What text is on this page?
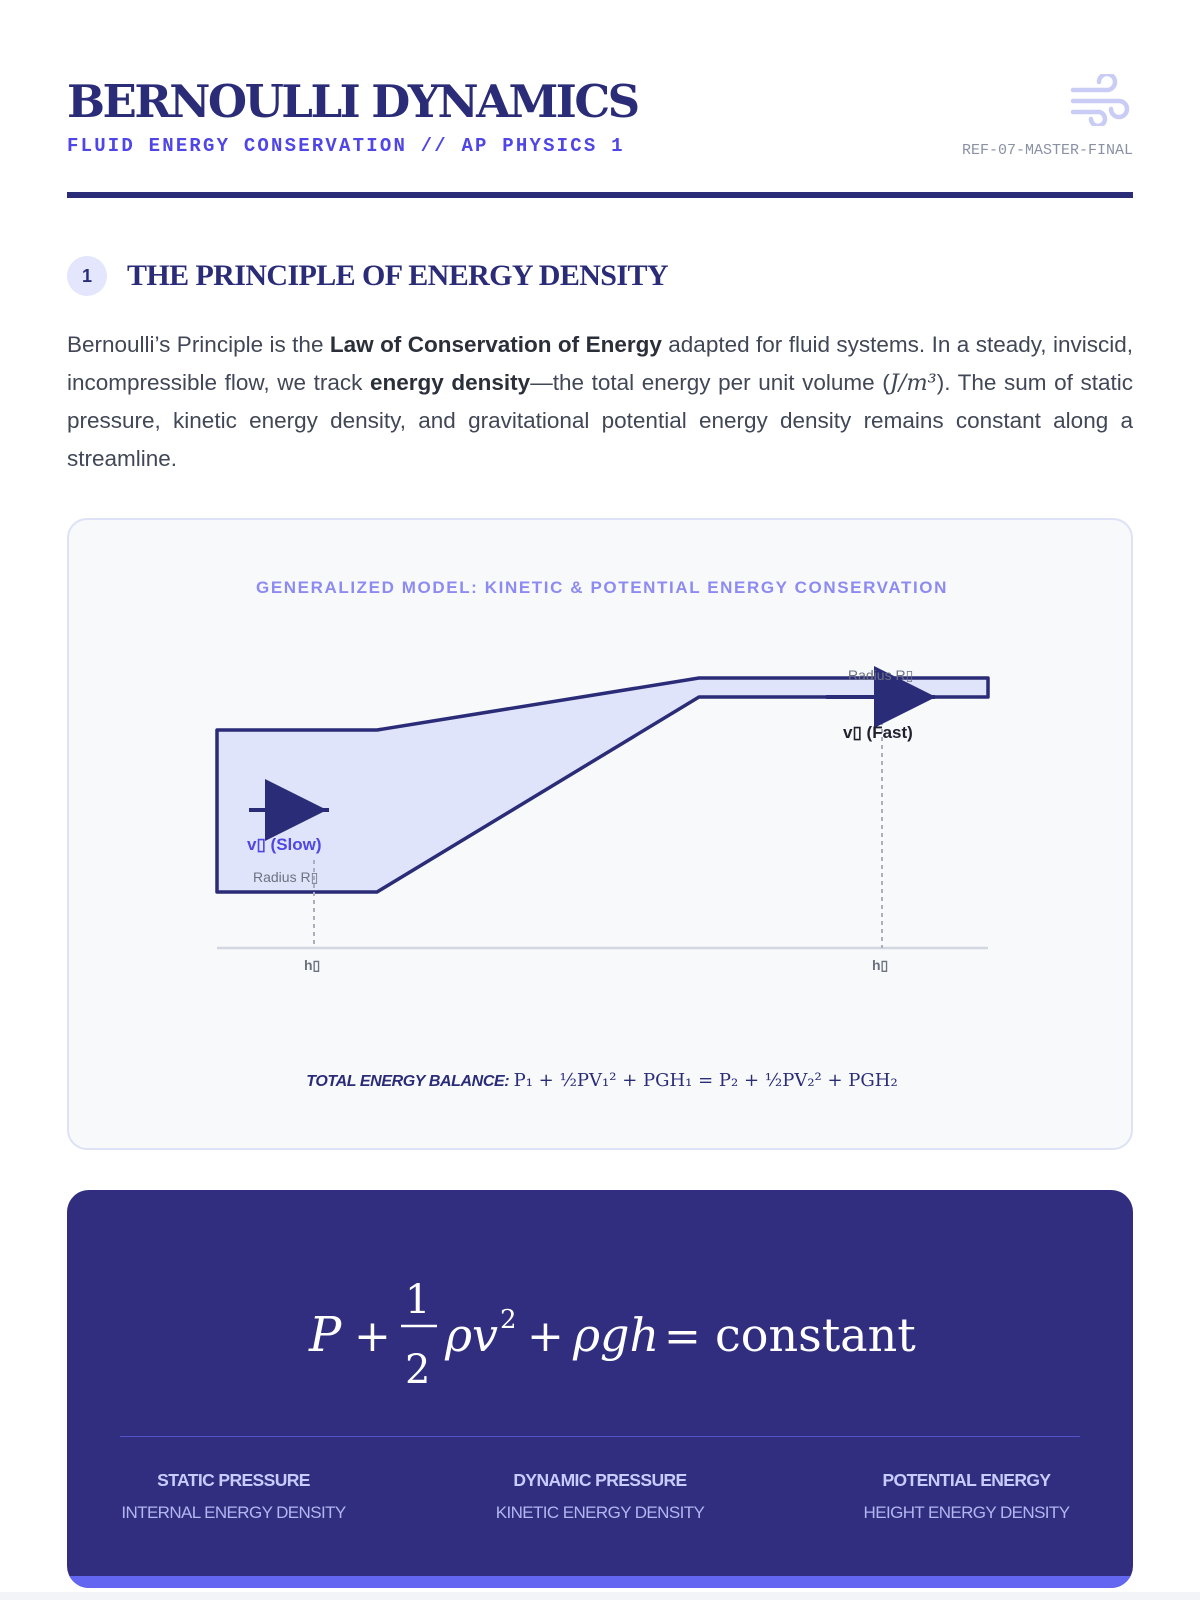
BERNOULLI DYNAMICS
FLUID ENERGY CONSERVATION // AP PHYSICS 1	REF-07-MASTER-FINAL
1	THE PRINCIPLE OF ENERGY DENSITY

Bernoulli’s Principle is the Law of Conservation of Energy adapted for fluid systems. In a steady, inviscid, incompressible flow, we track energy density—the total energy per unit volume (J/m³). The sum of static pressure, kinetic energy density, and gravitational potential energy density remains constant along a streamline.

GENERALIZED MODEL: KINETIC & POTENTIAL ENERGY CONSERVATION
v▯ (Slow)
v▯ (Fast)
Radius R▯
Radius R▯
h▯	h▯
TOTAL ENERGY BALANCE: P₁ + ½PV₁² + PGH₁ = P₂ + ½PV₂² + PGH₂
P +
1
2
ρv 2 + ρgh = constant
STATIC PRESSURE
INTERNAL ENERGY DENSITY
DYNAMIC PRESSURE
KINETIC ENERGY DENSITY
POTENTIAL ENERGY
HEIGHT ENERGY DENSITY
